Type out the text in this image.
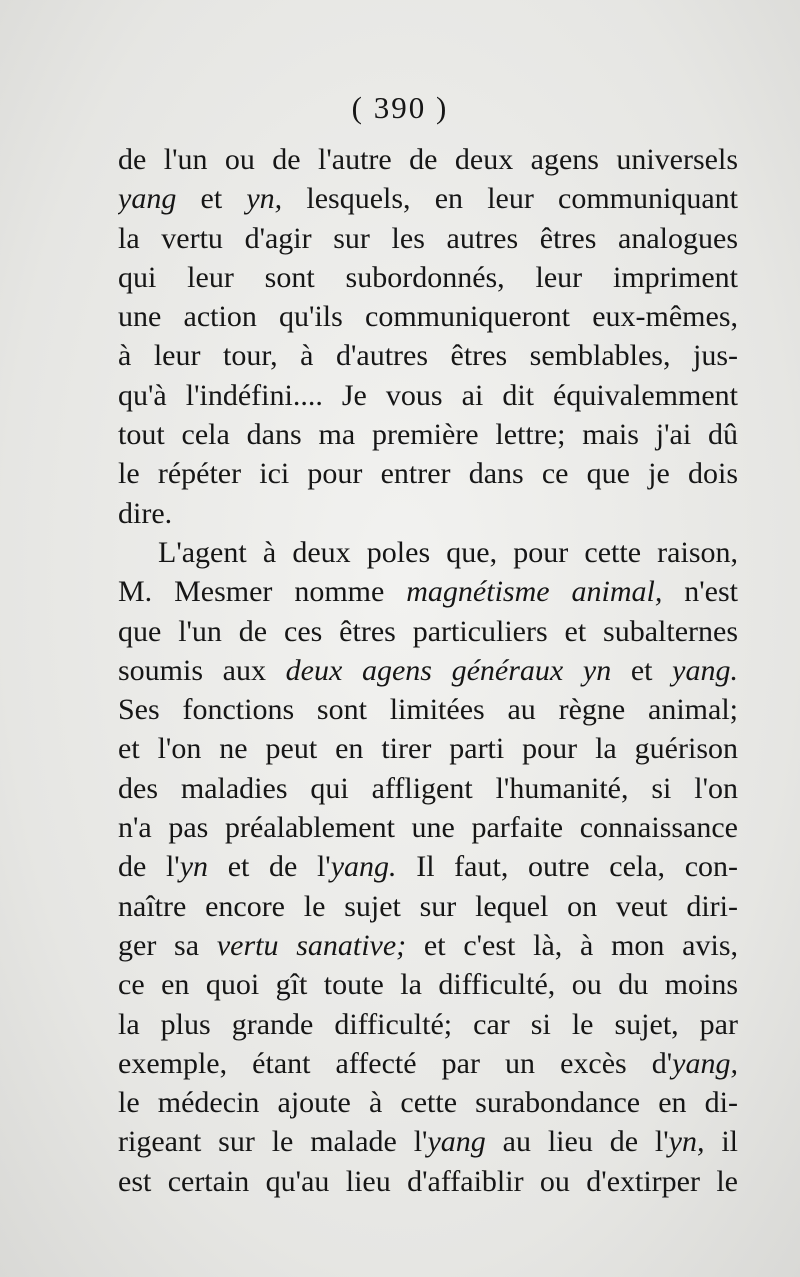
( 390 )
de l'un ou de l'autre de deux agens universels
yang et yn, lesquels, en leur communiquant
la vertu d'agir sur les autres êtres analogues
qui leur sont subordonnés, leur impriment
une action qu'ils communiqueront eux-mêmes,
à leur tour, à d'autres êtres semblables, jus-
qu'à l'indéfini.... Je vous ai dit équivalemment
tout cela dans ma première lettre; mais j'ai dû
le répéter ici pour entrer dans ce que je dois
dire.
L'agent à deux poles que, pour cette raison,
M. Mesmer nomme magnétisme animal, n'est
que l'un de ces êtres particuliers et subalternes
soumis aux deux agens généraux yn et yang.
Ses fonctions sont limitées au règne animal;
et l'on ne peut en tirer parti pour la guérison
des maladies qui affligent l'humanité, si l'on
n'a pas préalablement une parfaite connaissance
de l'yn et de l'yang. Il faut, outre cela, con-
naître encore le sujet sur lequel on veut diri-
ger sa vertu sanative; et c'est là, à mon avis,
ce en quoi gît toute la difficulté, ou du moins
la plus grande difficulté; car si le sujet, par
exemple, étant affecté par un excès d'yang,
le médecin ajoute à cette surabondance en di-
rigeant sur le malade l'yang au lieu de l'yn, il
est certain qu'au lieu d'affaiblir ou d'extirper le
